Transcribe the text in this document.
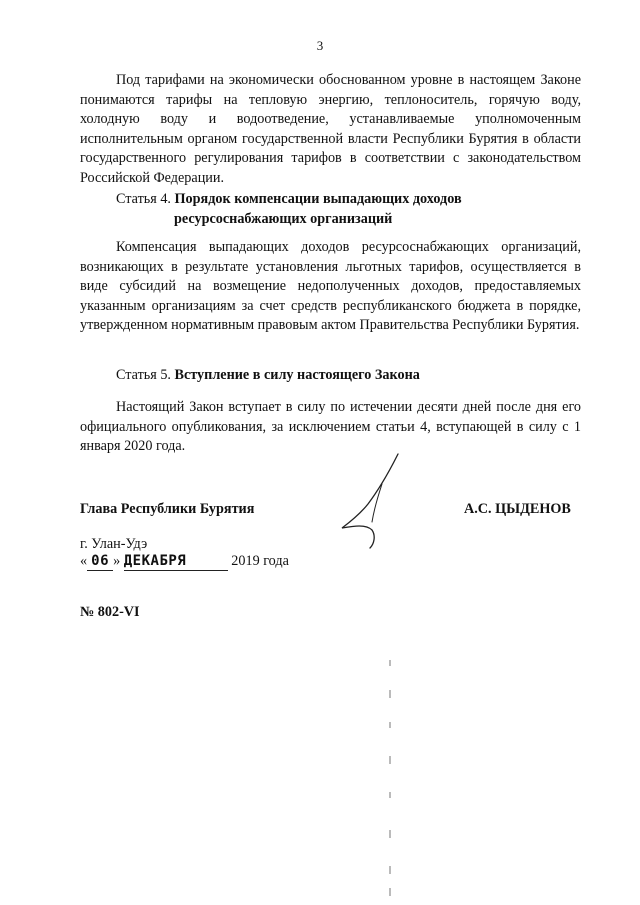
3

Под тарифами на экономически обоснованном уровне в настоящем Законе понимаются тарифы на тепловую энергию, теплоноситель, горячую воду, холодную воду и водоотведение, устанавливаемые уполномоченным исполнительным органом государственной власти Республики Бурятия в области государственного регулирования тарифов в соответствии с законодательством Российской Федерации.

Статья 4. Порядок компенсации выпадающих доходов
ресурсоснабжающих организаций

Компенсация выпадающих доходов ресурсоснабжающих организаций, возникающих в результате установления льготных тарифов, осуществляется в виде субсидий на возмещение недополученных доходов, предоставляемых указанным организациям за счет средств республиканского бюджета в порядке, утвержденном нормативным правовым актом Правительства Республики Бурятия.

Статья 5. Вступление в силу настоящего Закона

Настоящий Закон вступает в силу по истечении десяти дней после дня его официального опубликования, за исключением статьи 4, вступающей в силу с 1 января 2020 года.

Глава Республики Бурятия	А.С. ЦЫДЕНОВ
г. Улан-Удэ
« 06 » ДЕКАБРЯ	2019 года
№ 802-VI
